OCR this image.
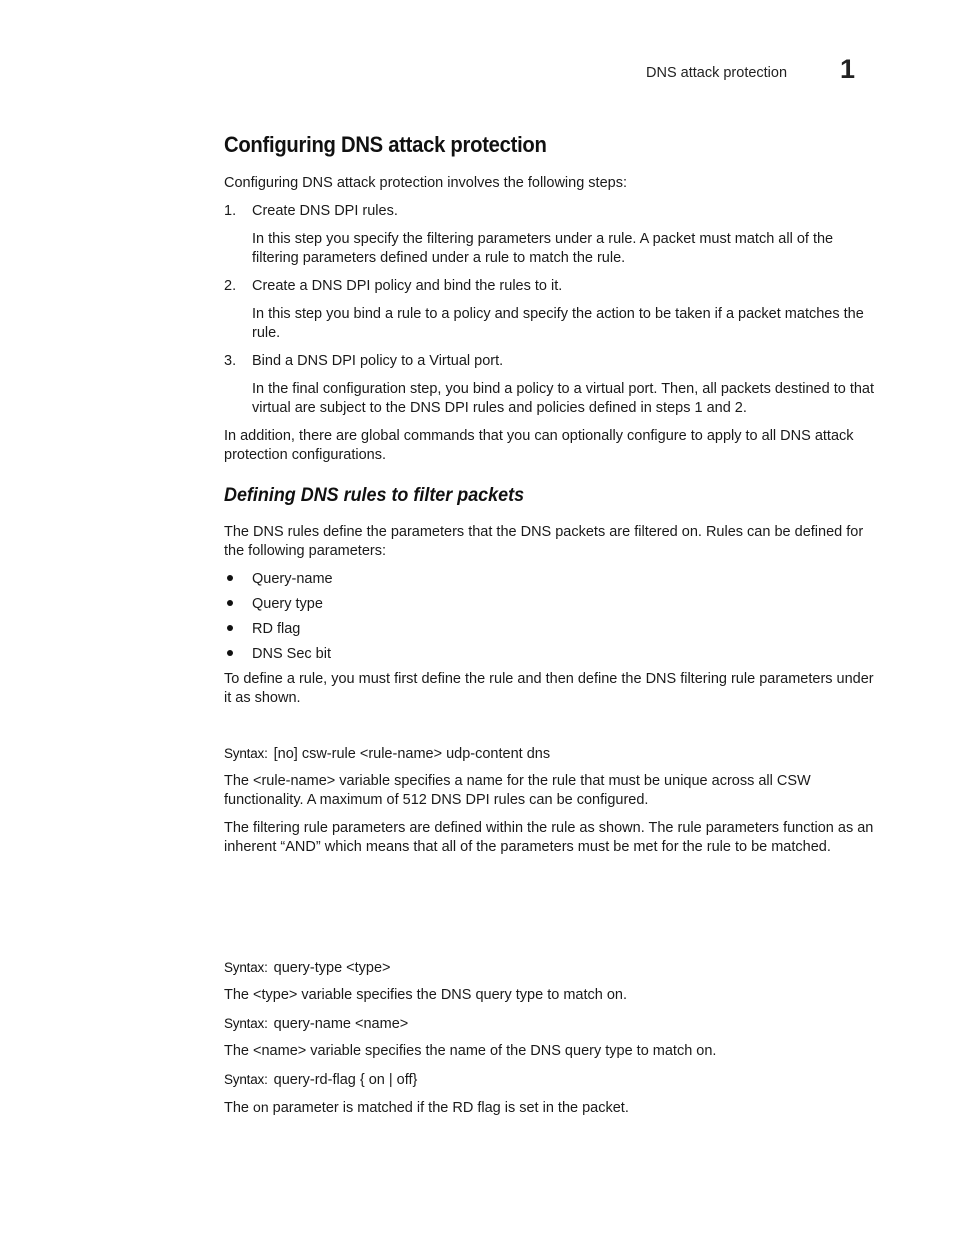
DNS attack protection 1
Configuring DNS attack protection

Configuring DNS attack protection involves the following steps:

1. Create DNS DPI rules.

In this step you specify the filtering parameters under a rule. A packet must match all of the filtering parameters defined under a rule to match the rule.

2. Create a DNS DPI policy and bind the rules to it.

In this step you bind a rule to a policy and specify the action to be taken if a packet matches the rule.

3. Bind a DNS DPI policy to a Virtual port.

In the final configuration step, you bind a policy to a virtual port. Then, all packets destined to that virtual are subject to the DNS DPI rules and policies defined in steps 1 and 2.

In addition, there are global commands that you can optionally configure to apply to all DNS attack protection configurations.

Defining DNS rules to filter packets

The DNS rules define the parameters that the DNS packets are filtered on. Rules can be defined for the following parameters:

Query-name
Query type
RD flag
DNS Sec bit

To define a rule, you must first define the rule and then define the DNS filtering rule parameters under it as shown.

Syntax: [no] csw-rule <rule-name> udp-content dns

The <rule-name> variable specifies a name for the rule that must be unique across all CSW functionality. A maximum of 512 DNS DPI rules can be configured.

The filtering rule parameters are defined within the rule as shown. The rule parameters function as an inherent “AND” which means that all of the parameters must be met for the rule to be matched.

Syntax: query-type <type>

The <type> variable specifies the DNS query type to match on.

Syntax: query-name <name>

The <name> variable specifies the name of the DNS query type to match on.

Syntax: query-rd-flag { on | off}

The on parameter is matched if the RD flag is set in the packet.
